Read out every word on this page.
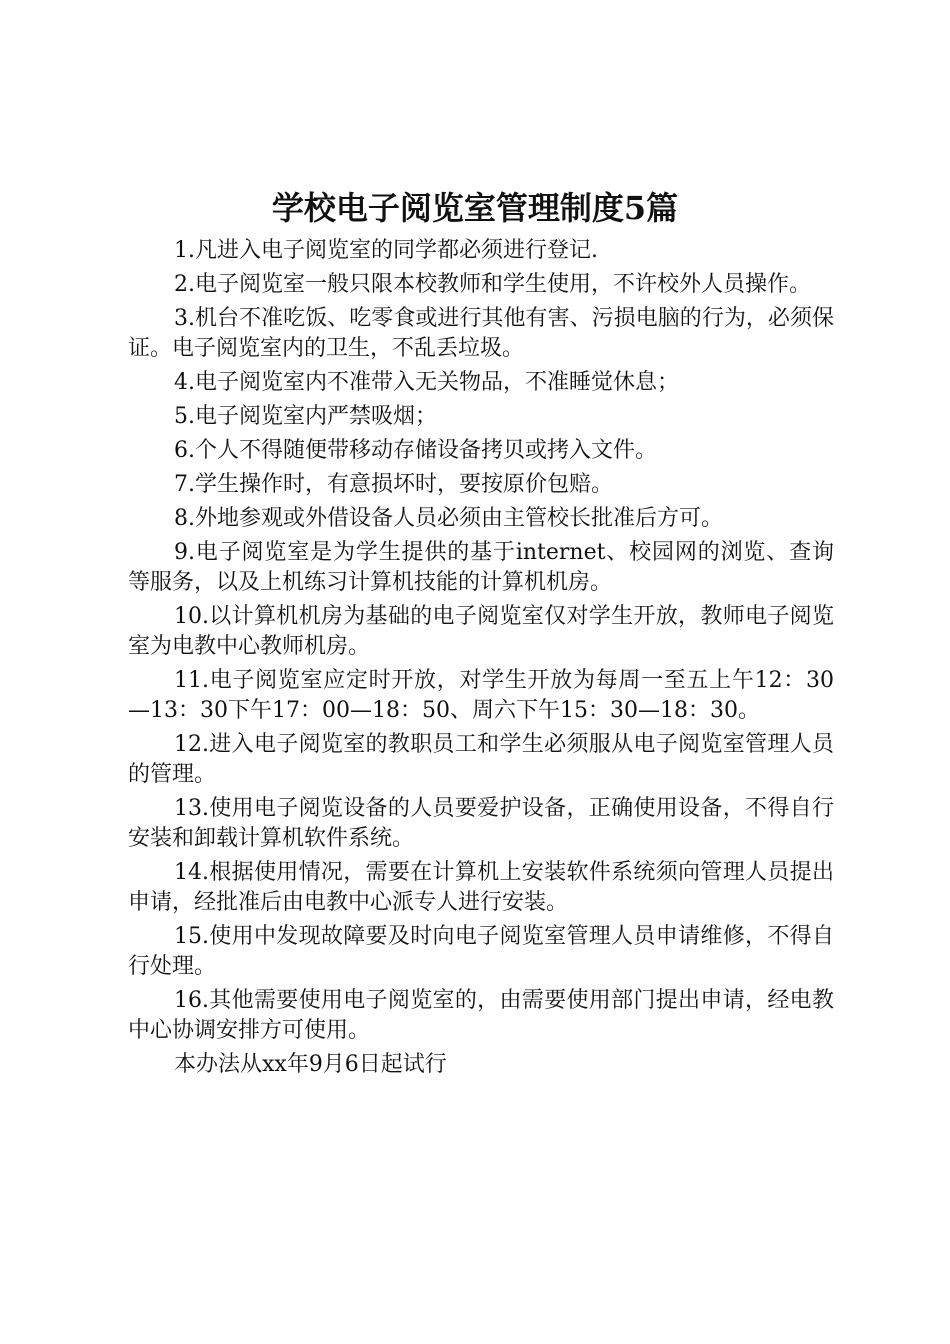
学校电子阅览室管理制度5篇

1.凡进入电子阅览室的同学都必须进行登记.

2.电子阅览室一般只限本校教师和学生使用，不许校外人员操作。

3.机台不准吃饭、吃零食或进行其他有害、污损电脑的行为，必须保证。电子阅览室内的卫生，不乱丢垃圾。

4.电子阅览室内不准带入无关物品，不准睡觉休息；

5.电子阅览室内严禁吸烟；

6.个人不得随便带移动存储设备拷贝或拷入文件。

7.学生操作时，有意损坏时，要按原价包赔。

8.外地参观或外借设备人员必须由主管校长批准后方可。

9.电子阅览室是为学生提供的基于internet、校园网的浏览、查询等服务，以及上机练习计算机技能的计算机机房。

10.以计算机机房为基础的电子阅览室仅对学生开放，教师电子阅览室为电教中心教师机房。

11.电子阅览室应定时开放，对学生开放为每周一至五上午12：30—13：30下午17：00—18：50、周六下午15：30—18：30。

12.进入电子阅览室的教职员工和学生必须服从电子阅览室管理人员的管理。

13.使用电子阅览设备的人员要爱护设备，正确使用设备，不得自行安装和卸载计算机软件系统。

14.根据使用情况，需要在计算机上安装软件系统须向管理人员提出申请，经批准后由电教中心派专人进行安装。

15.使用中发现故障要及时向电子阅览室管理人员申请维修，不得自行处理。

16.其他需要使用电子阅览室的，由需要使用部门提出申请，经电教中心协调安排方可使用。

本办法从xx年9月6日起试行
